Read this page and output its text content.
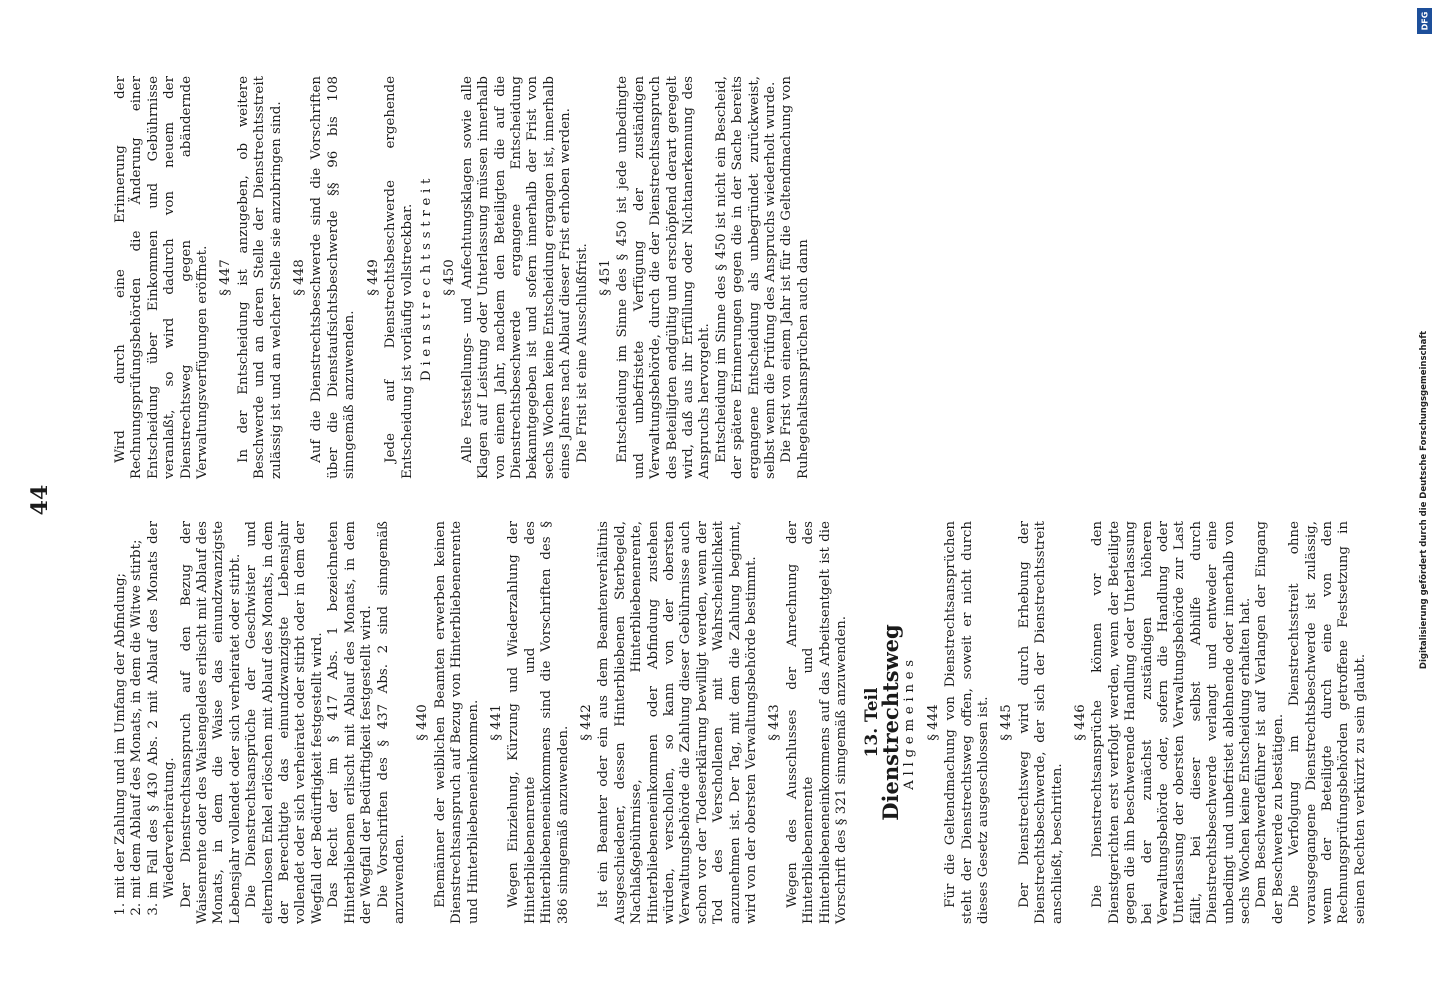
44
1. mit der Zahlung und im Umfang der Abfindung; 2. mit dem Ablauf des Monats, in dem die Witwe stirbt; 3. im Fall des § 430 Abs. 2 mit Ablauf des Monats der Wiederverheiratung. Der Dienstrechtsanspruch auf den Bezug der Waisenrente oder des Waisengeldes erlischt mit Ablauf des Monats, in dem die Waise das einundzwanzigste Lebensjahr vollendet oder sich verheiratet oder stirbt. Die Dienstrechtsansprüche der Geschwister und elternlosen Enkel erlöschen mit Ablauf des Monats, in dem der Berechtigte das einundzwanzigste Lebensjahr vollendet oder sich verheiratet oder stirbt oder in dem der Wegfall der Bedürftigkeit festgestellt wird. Das Recht der im § 417 Abs. 1 bezeichneten Hinterbliebenen erlischt mit Ablauf des Monats, in dem der Wegfall der Bedürftigkeit festgestellt wird. Die Vorschriften des § 437 Abs. 2 sind sinngemäß anzuwenden.

§ 440 Ehemänner der weiblichen Beamten erwerben keinen Dienstrechtsanspruch auf Bezug von Hinterbliebenenrente und Hinterbliebeneneinkommen. § 441 Wegen Einziehung, Kürzung und Wiederzahlung der Hinterbliebenenrente und des Hinterbliebeneneinkommens sind die Vorschriften des § 386 sinngemäß anzuwenden.

§ 442 Ist ein Beamter oder ein aus dem Beamtenverhältnis Ausgeschiedener, dessen Hinterbliebenen Sterbegeld, Nachlaßgebührnisse, Hinterbliebenenrente, Hinterbliebeneneinkommen oder Abfindung zustehen würden, verschollen, so kann von der obersten Verwaltungsbehörde die Zahlung dieser Gebührnisse auch schon vor der Todeserklärung bewilligt werden, wenn der Tod des Verschollenen mit Wahrscheinlichkeit anzunehmen ist. Der Tag, mit dem die Zahlung beginnt, wird von der obersten Verwaltungsbehörde bestimmt. § 443 Wegen des Ausschlusses der Anrechnung der Hinterbliebenenrente und des Hinterbliebeneneinkommens auf das Arbeitsentgelt ist die Vorschrift des § 321 sinngemäß anzuwenden. 13. Teil
Dienstrechtsweg Allgemeines § 444 Für die Geltendmachung von Dienstrechtsansprüchen steht der Dienstrechtsweg offen, soweit er nicht durch dieses Gesetz ausgeschlossen ist. § 445 Der Dienstrechtsweg wird durch Erhebung der Dienstrechtsbeschwerde, der sich der Dienstrechtsstreit anschließt, beschritten.

§ 446 Die Dienstrechtsansprüche können vor den Dienstgerichten erst verfolgt werden, wenn der Beteiligte gegen die ihn beschwerende Handlung oder Unterlassung bei der zunächst zuständigen höheren Verwaltungsbehörde oder, sofern die Handlung oder Unterlassung der obersten Verwaltungsbehörde zur Last fällt, bei dieser selbst Abhilfe durch Dienstrechtsbeschwerde verlangt und entweder eine unbedingt und unbefristet ablehnende oder innerhalb von sechs Wochen keine Entscheidung erhalten hat. Dem Beschwerdeführer ist auf Verlangen der Eingang der Beschwerde zu bestätigen. Die Verfolgung im Dienstrechtsstreit ohne vorausgegangene Dienstrechtsbeschwerde ist zulässig, wenn der Beteiligte durch eine von den Rechnungsprüfungsbehörden getroffene Festsetzung in seinen Rechten verkürzt zu sein glaubt.

Wird durch eine Erinnerung der Rechnungsprüfungsbehörden die Änderung einer Entscheidung über Einkommen und Gebührnisse veranlaßt, so wird dadurch von neuem der Dienstrechtsweg gegen abändernde Verwaltungsverfügungen eröffnet. § 447 In der Entscheidung ist anzugeben, ob weitere Beschwerde und an deren Stelle der Dienstrechtsstreit zulässig ist und an welcher Stelle sie anzubringen sind. § 448 Auf die Dienstrechtsbeschwerde sind die Vorschriften über die Dienstaufsichtsbeschwerde §§ 96 bis 108 sinngemäß anzuwenden.

§ 449 Jede auf Dienstrechtsbeschwerde ergehende Entscheidung ist vorläufig vollstreckbar. Dienstrechtsstreit § 450 Alle Feststellungs- und Anfechtungsklagen sowie alle Klagen auf Leistung oder Unterlassung müssen innerhalb von einem Jahr, nachdem den Beteiligten die auf die Dienstrechtsbeschwerde ergangene Entscheidung bekanntgegeben ist und sofern innerhalb der Frist von sechs Wochen keine Entscheidung ergangen ist, innerhalb eines Jahres nach Ablauf dieser Frist erhoben werden. Die Frist ist eine Ausschlußfrist. § 451 Entscheidung im Sinne des § 450 ist jede unbedingte und unbefristete Verfügung der zuständigen Verwaltungsbehörde, durch die der Dienstrechtsanspruch des Beteiligten endgültig und erschöpfend derart geregelt wird, daß aus ihr Erfüllung oder Nichtanerkennung des Anspruchs hervorgeht. Entscheidung im Sinne des § 450 ist nicht ein Bescheid, der spätere Erinnerungen gegen die in der Sache bereits ergangene Entscheidung als unbegründet zurückweist, selbst wenn die Prüfung des Anspruchs wiederholt wurde. Die Frist von einem Jahr ist für die Geltendmachung von Ruhegehaltsansprüchen auch dann	Digitalisierung gefördert durch die Deutsche Forschungsgemeinschaft
DFG
